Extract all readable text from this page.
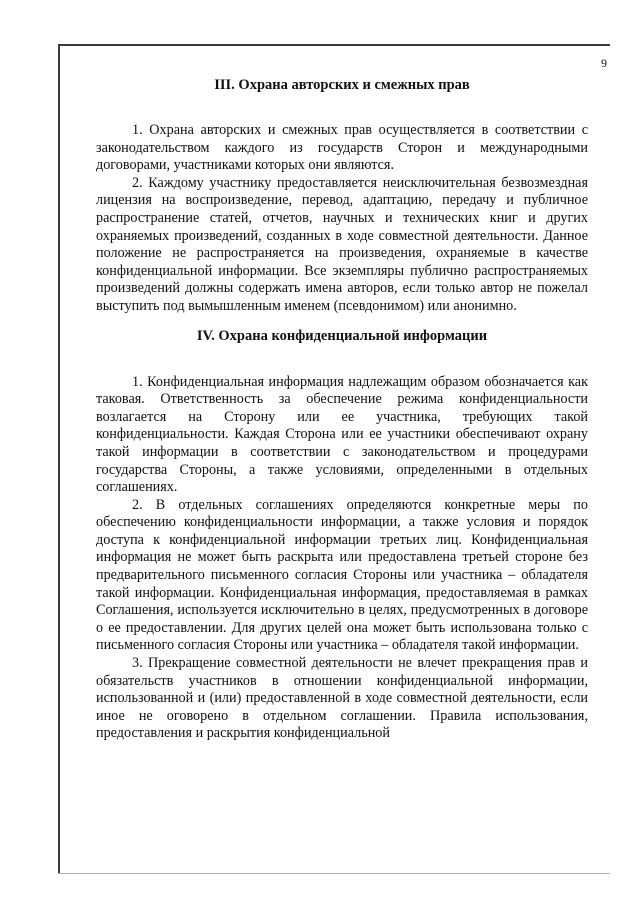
9
III. Охрана авторских и смежных прав

1. Охрана авторских и смежных прав осуществляется в соответствии с законодательством каждого из государств Сторон и международными договорами, участниками которых они являются.

2. Каждому участнику предоставляется неисключительная безвозмездная лицензия на воспроизведение, перевод, адаптацию, передачу и публичное распространение статей, отчетов, научных и технических книг и других охраняемых произведений, созданных в ходе совместной деятельности. Данное положение не распространяется на произведения, охраняемые в качестве конфиденциальной информации. Все экземпляры публично распространяемых произведений должны содержать имена авторов, если только автор не пожелал выступить под вымышленным именем (псевдонимом) или анонимно.

IV. Охрана конфиденциальной информации

1. Конфиденциальная информация надлежащим образом обозначается как таковая. Ответственность за обеспечение режима конфиденциальности возлагается на Сторону или ее участника, требующих такой конфиденциальности. Каждая Сторона или ее участники обеспечивают охрану такой информации в соответствии с законодательством и процедурами государства Стороны, а также условиями, определенными в отдельных соглашениях.

2. В отдельных соглашениях определяются конкретные меры по обеспечению конфиденциальности информации, а также условия и порядок доступа к конфиденциальной информации третьих лиц. Конфиденциальная информация не может быть раскрыта или предоставлена третьей стороне без предварительного письменного согласия Стороны или участника – обладателя такой информации. Конфиденциальная информация, предоставляемая в рамках Соглашения, используется исключительно в целях, предусмотренных в договоре о ее предоставлении. Для других целей она может быть использована только с письменного согласия Стороны или участника – обладателя такой информации.

3. Прекращение совместной деятельности не влечет прекращения прав и обязательств участников в отношении конфиденциальной информации, использованной и (или) предоставленной в ходе совместной деятельности, если иное не оговорено в отдельном соглашении. Правила использования, предоставления и раскрытия конфиденциальной
